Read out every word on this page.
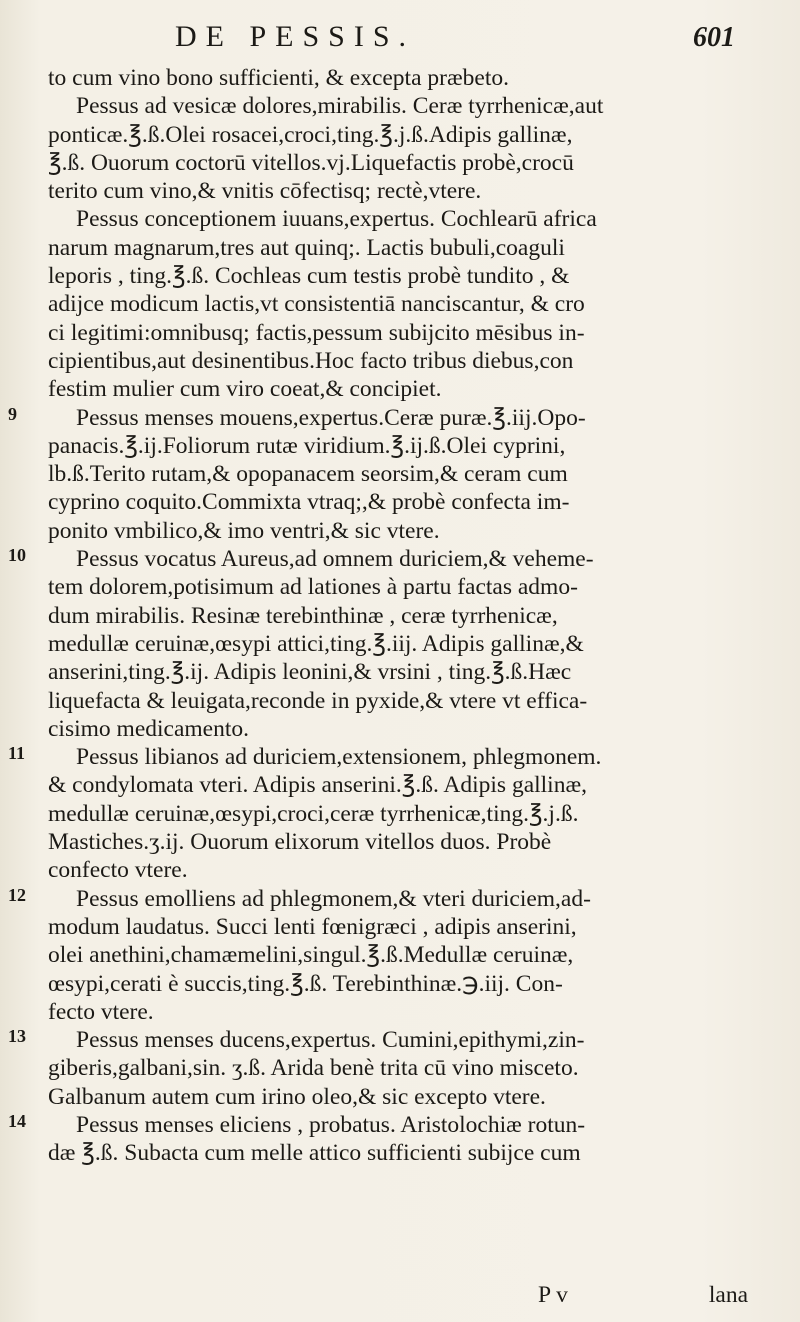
DE PESSIS.	601
to cum vino bono sufficienti, & excepta præbeto.
Pessus ad vesicæ dolores,mirabilis. Ceræ tyrrhenicæ,aut
ponticæ.℥.ß.Olei rosacei,croci,ting.℥.j.ß.Adipis gallinæ,
℥.ß. Ouorum coctorū vitellos.vj.Liquefactis probè,crocū
terito cum vino,& vnitis cōfectisq; rectè,vtere.
Pessus conceptionem iuuans,expertus. Cochlearū africa
narum magnarum,tres aut quinq;. Lactis bubuli,coaguli
leporis , ting.℥.ß. Cochleas cum testis probè tundito , &
adijce modicum lactis,vt consistentiā nanciscantur, & cro
ci legitimi:omnibusq; factis,pessum subijcito mēsibus in-
cipientibus,aut desinentibus.Hoc facto tribus diebus,con
festim mulier cum viro coeat,& concipiet.
9	Pessus menses mouens,expertus.Ceræ puræ.℥.iij.Opo-
panacis.℥.ij.Foliorum rutæ viridium.℥.ij.ß.Olei cyprini,
lb.ß.Terito rutam,& opopanacem seorsim,& ceram cum
cyprino coquito.Commixta vtraq;,& probè confecta im-
ponito vmbilico,& imo ventri,& sic vtere.
10	Pessus vocatus Aureus,ad omnem duriciem,& veheme-
tem dolorem,potisimum ad lationes à partu factas admo-
dum mirabilis. Resinæ terebinthinæ , ceræ tyrrhenicæ,
medullæ ceruinæ,œsypi attici,ting.℥.iij. Adipis gallinæ,&
anserini,ting.℥.ij. Adipis leonini,& vrsini , ting.℥.ß.Hæc
liquefacta & leuigata,reconde in pyxide,& vtere vt effica-
cisimo medicamento.
11	Pessus libianos ad duriciem,extensionem, phlegmonem.
& condylomata vteri. Adipis anserini.℥.ß. Adipis gallinæ,
medullæ ceruinæ,œsypi,croci,ceræ tyrrhenicæ,ting.℥.j.ß.
Mastiches.ʒ.ij. Ouorum elixorum vitellos duos. Probè
confecto vtere.
12	Pessus emolliens ad phlegmonem,& vteri duriciem,ad-
modum laudatus. Succi lenti fœnigræci , adipis anserini,
olei anethini,chamæmelini,singul.℥.ß.Medullæ ceruinæ,
œsypi,cerati è succis,ting.℥.ß. Terebinthinæ.℈.iij. Con-
fecto vtere.
13	Pessus menses ducens,expertus. Cumini,epithymi,zin-
giberis,galbani,sin. ʒ.ß. Arida benè trita cū vino misceto.
Galbanum autem cum irino oleo,& sic excepto vtere.
14	Pessus menses eliciens , probatus. Aristolochiæ rotun-
dæ ℥.ß. Subacta cum melle attico sufficienti subijce cum
P v	lana
